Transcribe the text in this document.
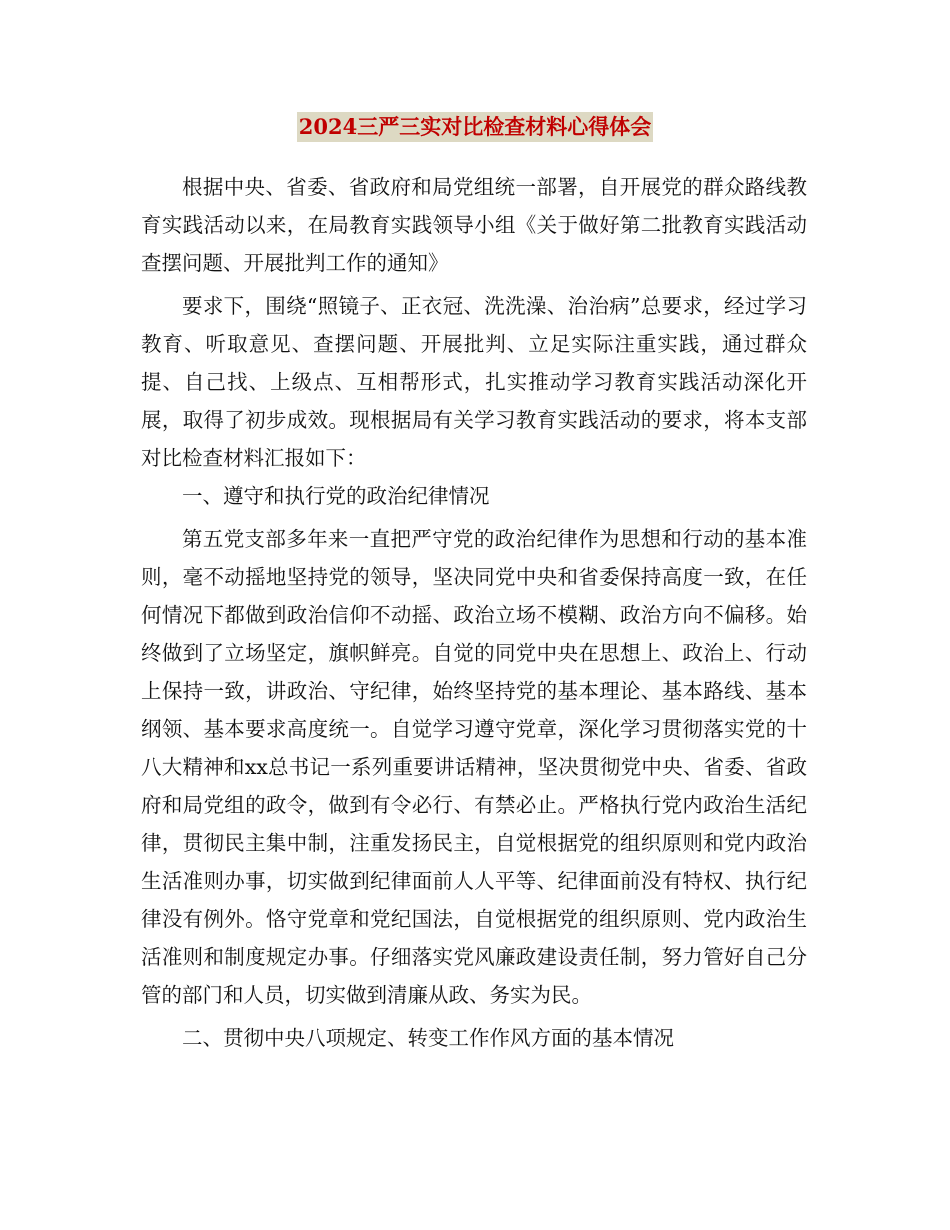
2024三严三实对比检查材料心得体会

根据中央、省委、省政府和局党组统一部署，自开展党的群众路线教育实践活动以来，在局教育实践领导小组《关于做好第二批教育实践活动查摆问题、开展批判工作的通知》

要求下，围绕“照镜子、正衣冠、洗洗澡、治治病”总要求，经过学习教育、听取意见、查摆问题、开展批判、立足实际注重实践，通过群众提、自己找、上级点、互相帮形式，扎实推动学习教育实践活动深化开展，取得了初步成效。现根据局有关学习教育实践活动的要求，将本支部对比检查材料汇报如下：

一、遵守和执行党的政治纪律情况

第五党支部多年来一直把严守党的政治纪律作为思想和行动的基本准则，毫不动摇地坚持党的领导，坚决同党中央和省委保持高度一致，在任何情况下都做到政治信仰不动摇、政治立场不模糊、政治方向不偏移。始终做到了立场坚定，旗帜鲜亮。自觉的同党中央在思想上、政治上、行动上保持一致，讲政治、守纪律，始终坚持党的基本理论、基本路线、基本纲领、基本要求高度统一。自觉学习遵守党章，深化学习贯彻落实党的十八大精神和xx总书记一系列重要讲话精神，坚决贯彻党中央、省委、省政府和局党组的政令，做到有令必行、有禁必止。严格执行党内政治生活纪律，贯彻民主集中制，注重发扬民主，自觉根据党的组织原则和党内政治生活准则办事，切实做到纪律面前人人平等、纪律面前没有特权、执行纪律没有例外。恪守党章和党纪国法，自觉根据党的组织原则、党内政治生活准则和制度规定办事。仔细落实党风廉政建设责任制，努力管好自己分管的部门和人员，切实做到清廉从政、务实为民。

二、贯彻中央八项规定、转变工作作风方面的基本情况
